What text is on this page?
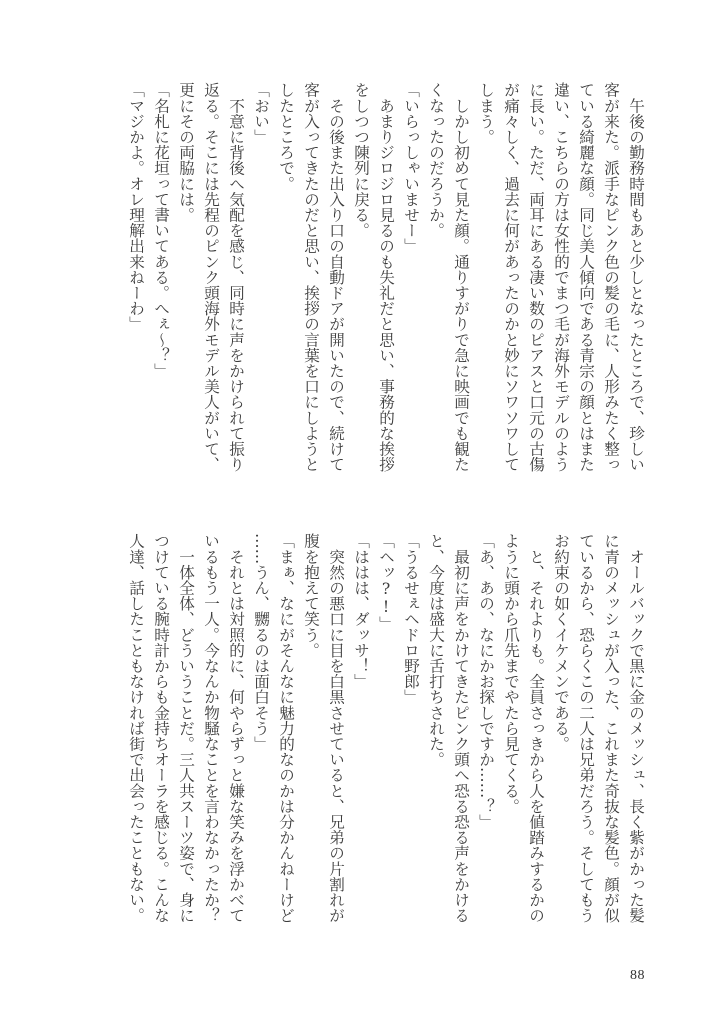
　午後の勤務時間もあと少しとなったところで、珍しい
客が来た。派手なピンク色の髪の毛に、人形みたく整っ
ている綺麗な顔。同じ美人傾向である青宗の顔とはまた
違い、こちらの方は女性的でまつ毛が海外モデルのよう
に長い。ただ、両耳にある凄い数のピアスと口元の古傷
が痛々しく、過去に何があったのかと妙にソワソワして
しまう。
　しかし初めて見た顔。通りすがりで急に映画でも観た
くなったのだろうか。
「いらっしゃいませー」
　あまりジロジロ見るのも失礼だと思い、事務的な挨拶
をしつつ陳列に戻る。
　その後また出入り口の自動ドアが開いたので、続けて
客が入ってきたのだと思い、挨拶の言葉を口にしようと
したところで。
「おい」
　不意に背後へ気配を感じ、同時に声をかけられて振り
返る。そこには先程のピンク頭海外モデル美人がいて、
更にその両脇には。
「名札に花垣って書いてある。へぇ～？」
「マジかよ。オレ理解出来ねーわ」
　オールバックで黒に金のメッシュ、長く紫がかった髪
に青のメッシュが入った、これまた奇抜な髪色。顔が似
ているから、恐らくこの二人は兄弟だろう。そしてもう
お約束の如くイケメンである。
　と、それよりも。全員さっきから人を値踏みするかの
ように頭から爪先までやたら見てくる。
「あ、あの、なにかお探しですか……？」
　最初に声をかけてきたピンク頭へ恐る恐る声をかける
と、今度は盛大に舌打ちされた。
「うるせぇヘドロ野郎」
「ヘッ?!」
「ははは、ダッサ！」
　突然の悪口に目を白黒させていると、兄弟の片割れが
腹を抱えて笑う。
「まぁ、なにがそんなに魅力的なのかは分かんねーけど
……うん、嬲るのは面白そう」
　それとは対照的に、何やらずっと嫌な笑みを浮かべて
いるもう一人。今なんか物騒なことを言わなかったか？
　一体全体、どういうことだ。三人共スーツ姿で、身に
つけている腕時計からも金持ちオーラを感じる。こんな
人達、話したこともなければ街で出会ったこともない。
88
